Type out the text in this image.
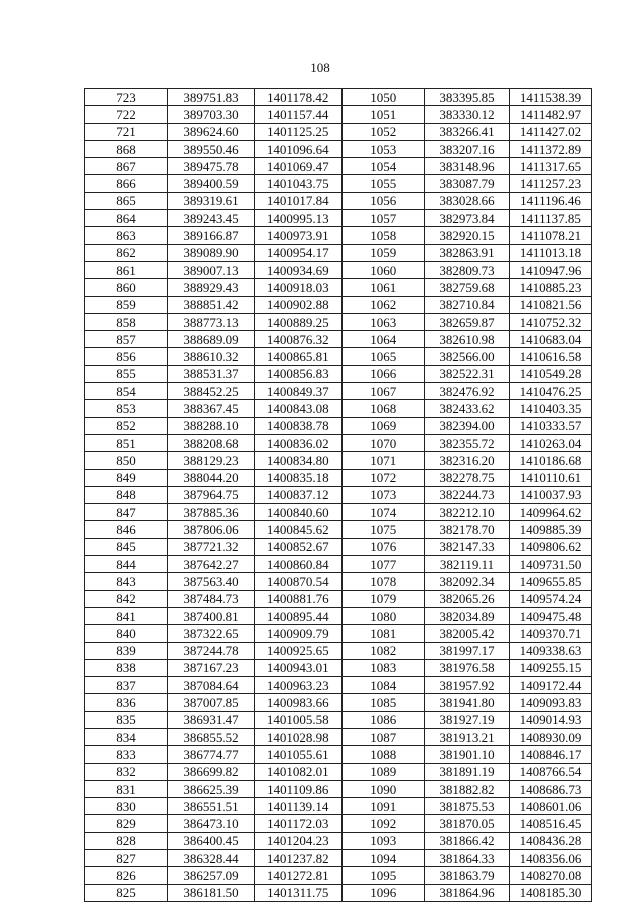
108
723	389751.83	1401178.42	1050	383395.85	1411538.39
722	389703.30	1401157.44	1051	383330.12	1411482.97
721	389624.60	1401125.25	1052	383266.41	1411427.02
868	389550.46	1401096.64	1053	383207.16	1411372.89
867	389475.78	1401069.47	1054	383148.96	1411317.65
866	389400.59	1401043.75	1055	383087.79	1411257.23
865	389319.61	1401017.84	1056	383028.66	1411196.46
864	389243.45	1400995.13	1057	382973.84	1411137.85
863	389166.87	1400973.91	1058	382920.15	1411078.21
862	389089.90	1400954.17	1059	382863.91	1411013.18
861	389007.13	1400934.69	1060	382809.73	1410947.96
860	388929.43	1400918.03	1061	382759.68	1410885.23
859	388851.42	1400902.88	1062	382710.84	1410821.56
858	388773.13	1400889.25	1063	382659.87	1410752.32
857	388689.09	1400876.32	1064	382610.98	1410683.04
856	388610.32	1400865.81	1065	382566.00	1410616.58
855	388531.37	1400856.83	1066	382522.31	1410549.28
854	388452.25	1400849.37	1067	382476.92	1410476.25
853	388367.45	1400843.08	1068	382433.62	1410403.35
852	388288.10	1400838.78	1069	382394.00	1410333.57
851	388208.68	1400836.02	1070	382355.72	1410263.04
850	388129.23	1400834.80	1071	382316.20	1410186.68
849	388044.20	1400835.18	1072	382278.75	1410110.61
848	387964.75	1400837.12	1073	382244.73	1410037.93
847	387885.36	1400840.60	1074	382212.10	1409964.62
846	387806.06	1400845.62	1075	382178.70	1409885.39
845	387721.32	1400852.67	1076	382147.33	1409806.62
844	387642.27	1400860.84	1077	382119.11	1409731.50
843	387563.40	1400870.54	1078	382092.34	1409655.85
842	387484.73	1400881.76	1079	382065.26	1409574.24
841	387400.81	1400895.44	1080	382034.89	1409475.48
840	387322.65	1400909.79	1081	382005.42	1409370.71
839	387244.78	1400925.65	1082	381997.17	1409338.63
838	387167.23	1400943.01	1083	381976.58	1409255.15
837	387084.64	1400963.23	1084	381957.92	1409172.44
836	387007.85	1400983.66	1085	381941.80	1409093.83
835	386931.47	1401005.58	1086	381927.19	1409014.93
834	386855.52	1401028.98	1087	381913.21	1408930.09
833	386774.77	1401055.61	1088	381901.10	1408846.17
832	386699.82	1401082.01	1089	381891.19	1408766.54
831	386625.39	1401109.86	1090	381882.82	1408686.73
830	386551.51	1401139.14	1091	381875.53	1408601.06
829	386473.10	1401172.03	1092	381870.05	1408516.45
828	386400.45	1401204.23	1093	381866.42	1408436.28
827	386328.44	1401237.82	1094	381864.33	1408356.06
826	386257.09	1401272.81	1095	381863.79	1408270.08
825	386181.50	1401311.75	1096	381864.96	1408185.30
